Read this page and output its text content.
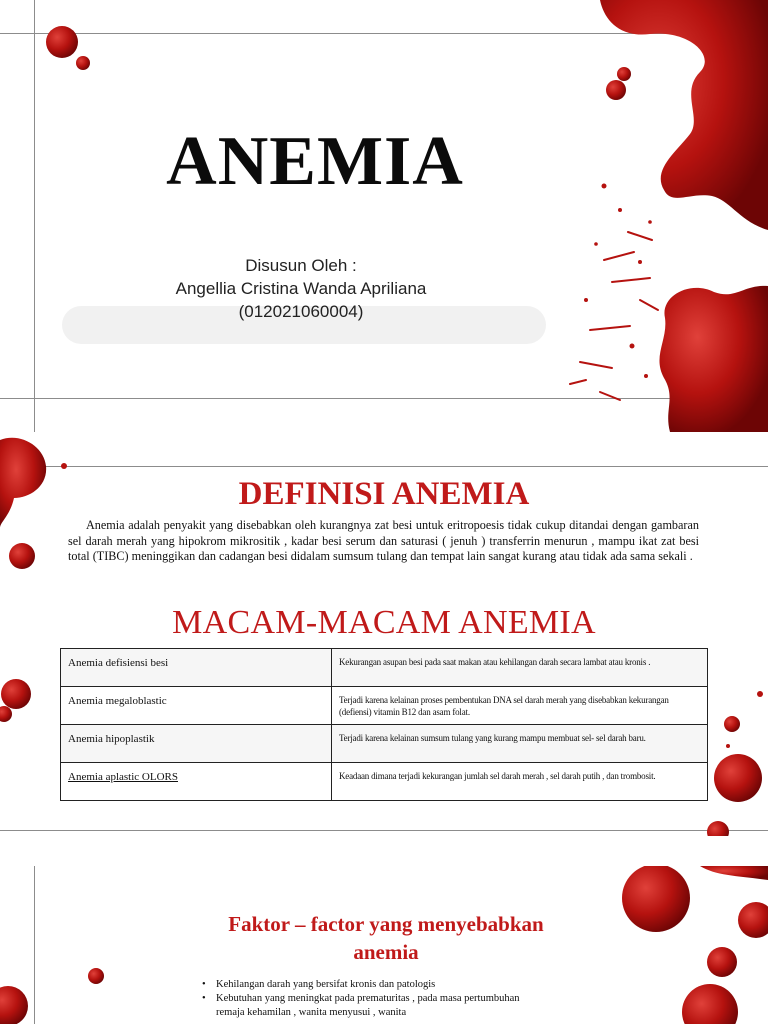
ANEMIA
Disusun Oleh :
Angellia Cristina Wanda Apriliana
(012021060004)
DEFINISI ANEMIA
Anemia adalah penyakit yang disebabkan oleh kurangnya zat besi untuk eritropoesis tidak cukup ditandai dengan gambaran sel darah merah yang hipokrom mikrositik , kadar besi serum dan saturasi ( jenuh ) transferrin menurun , mampu ikat zat besi total (TIBC) meninggikan dan cadangan besi didalam sumsum tulang dan tempat lain sangat kurang atau tidak ada sama sekali .
MACAM-MACAM ANEMIA
Anemia defisiensi besi	Kekurangan asupan besi pada saat makan atau kehilangan darah secara lambat atau kronis .
Anemia megaloblastic	Terjadi karena kelainan proses pembentukan DNA sel darah merah yang disebabkan kekurangan (defiensi) vitamin B12 dan asam folat.
Anemia hipoplastik	Terjadi karena kelainan sumsum tulang yang kurang mampu membuat sel- sel darah baru.
Anemia aplastic OLORS	Keadaan dimana terjadi kekurangan jumlah sel darah merah , sel darah putih , dan trombosit.
Faktor – factor yang menyebabkan
anemia
• Kehilangan darah yang bersifat kronis dan patologis
• Kebutuhan yang meningkat pada prematuritas , pada masa pertumbuhan remaja kehamilan , wanita menyusui , wanita
